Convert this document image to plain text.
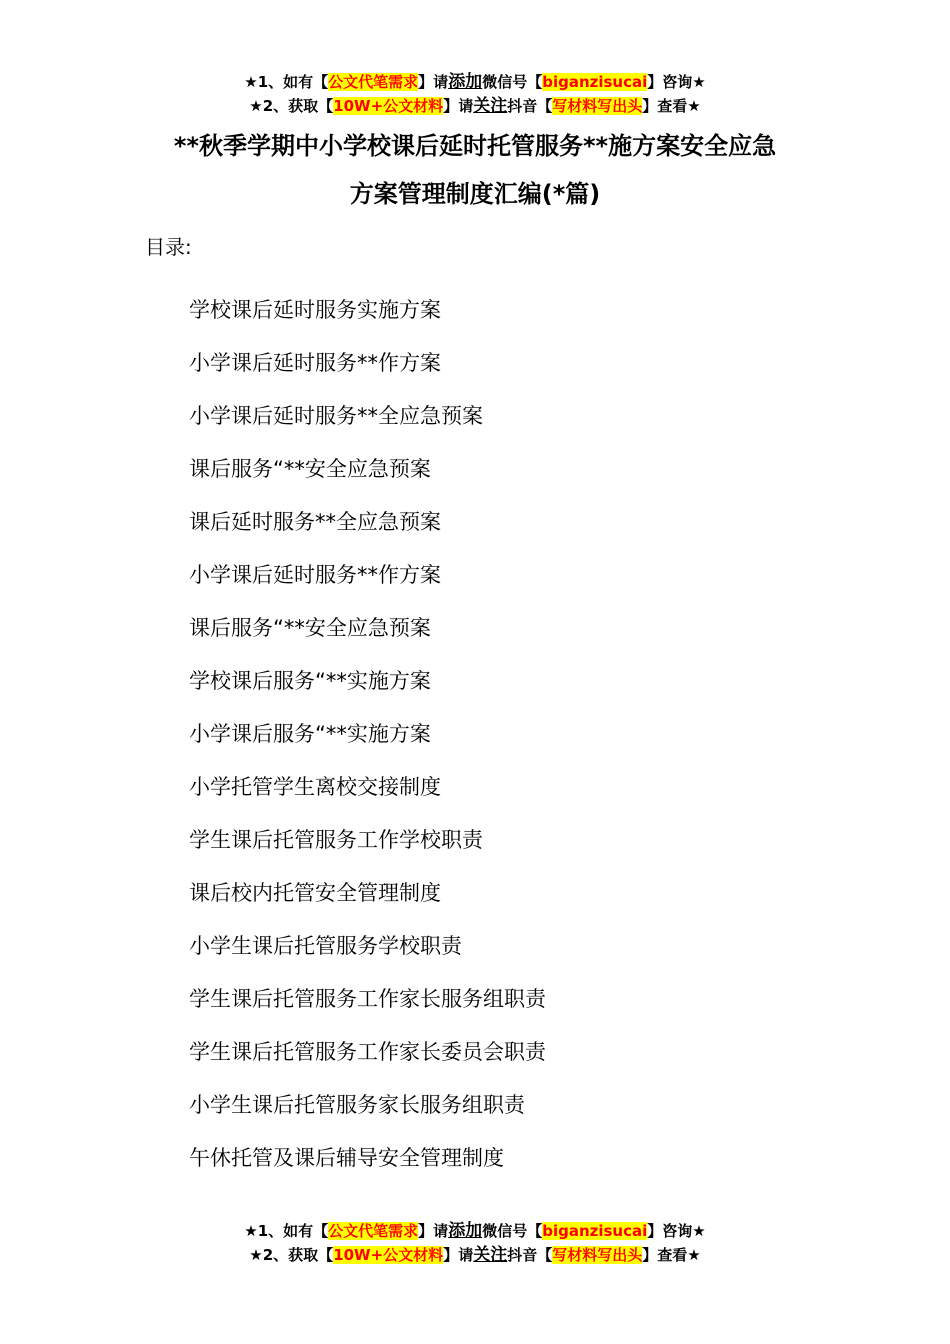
★1、如有【公文代笔需求】请添加微信号【biganzisucai】咨询★
★2、获取【10W+公文材料】请关注抖音【写材料写出头】查看★
**秋季学期中小学校课后延时托管服务**施方案安全应急
方案管理制度汇编(*篇)
目录:
学校课后延时服务实施方案
小学课后延时服务**作方案
小学课后延时服务**全应急预案
课后服务“**安全应急预案
课后延时服务**全应急预案
小学课后延时服务**作方案
课后服务“**安全应急预案
学校课后服务“**实施方案
小学课后服务“**实施方案
小学托管学生离校交接制度
学生课后托管服务工作学校职责
课后校内托管安全管理制度
小学生课后托管服务学校职责
学生课后托管服务工作家长服务组职责
学生课后托管服务工作家长委员会职责
小学生课后托管服务家长服务组职责
午休托管及课后辅导安全管理制度
★1、如有【公文代笔需求】请添加微信号【biganzisucai】咨询★
★2、获取【10W+公文材料】请关注抖音【写材料写出头】查看★
